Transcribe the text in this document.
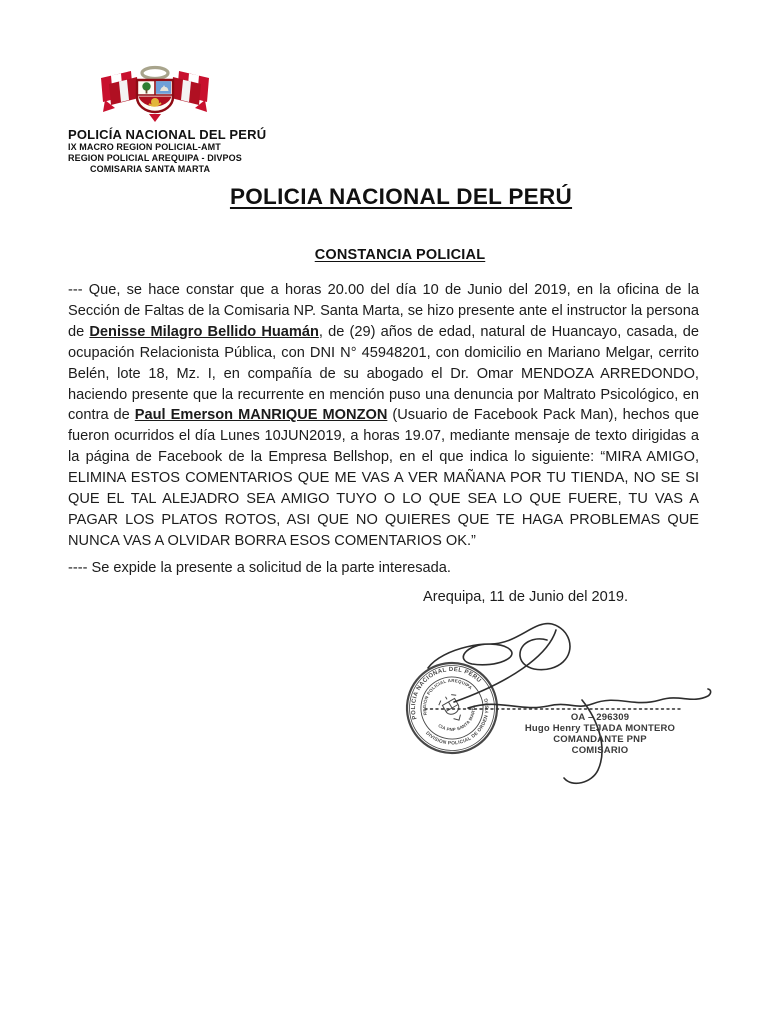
POLICÍA NACIONAL DEL PERÚ
IX MACRO REGION POLICIAL-AMT
REGION POLICIAL AREQUIPA - DIVPOS
COMISARIA SANTA MARTA
POLICIA NACIONAL DEL PERÚ
CONSTANCIA POLICIAL

--- Que, se hace constar que a horas 20.00 del día 10 de Junio del 2019, en la oficina de la Sección de Faltas de la Comisaria NP. Santa Marta, se hizo presente ante el instructor la persona de Denisse Milagro Bellido Huamán, de (29) años de edad, natural de Huancayo, casada, de ocupación Relacionista Pública, con DNI N° 45948201, con domicilio en Mariano Melgar, cerrito Belén, lote 18, Mz. I, en compañía de su abogado el Dr. Omar MENDOZA ARREDONDO, haciendo presente que la recurrente en mención puso una denuncia por Maltrato Psicológico, en contra de Paul Emerson MANRIQUE MONZON (Usuario de Facebook Pack Man), hechos que fueron ocurridos el día Lunes 10JUN2019, a horas 19.07, mediante mensaje de texto dirigidas a la página de Facebook de la Empresa Bellshop, en el que indica lo siguiente: “MIRA AMIGO, ELIMINA ESTOS COMENTARIOS QUE ME VAS A VER MAÑANA POR TU TIENDA, NO SE SI QUE EL TAL ALEJADRO SEA AMIGO TUYO O LO QUE SEA LO QUE FUERE, TU VAS A PAGAR LOS PLATOS ROTOS, ASI QUE NO QUIERES QUE TE HAGA PROBLEMAS QUE NUNCA VAS A OLVIDAR BORRA ESOS COMENTARIOS OK.”

---- Se expide la presente a solicitud de la parte interesada.

Arequipa, 11 de Junio del 2019.
POLICIA NACIONAL DEL PERU
DIVISION POLICIAL DE ORDEN Y SEG
REGION POLICIAL AREQUIPA
CIA PNP SANTA MARTA
OA – 296309
Hugo Henry TEJADA MONTERO
COMANDANTE PNP
COMISARIO
